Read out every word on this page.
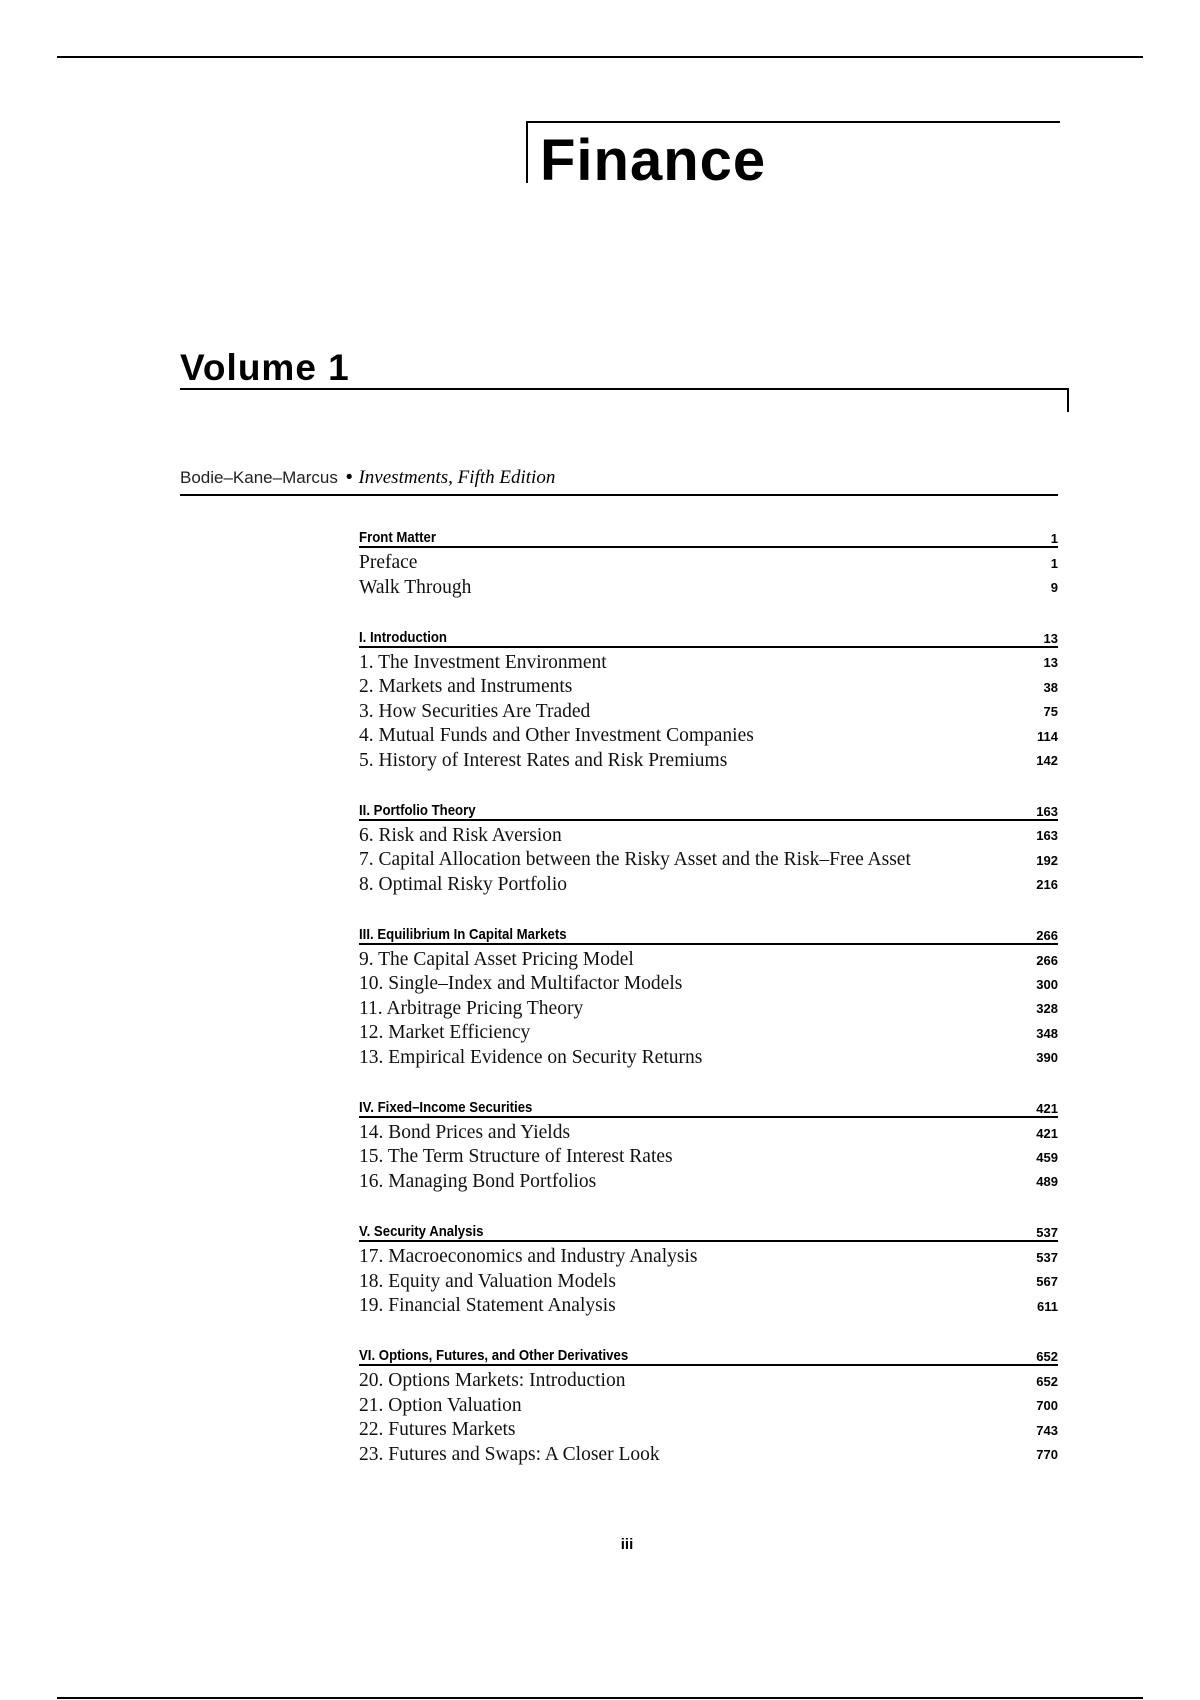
Finance
Volume 1
Bodie–Kane–Marcus • Investments, Fifth Edition
Front Matter	1
Preface	1
Walk Through	9
I. Introduction	13
1. The Investment Environment	13
2. Markets and Instruments	38
3. How Securities Are Traded	75
4. Mutual Funds and Other Investment Companies	114
5. History of Interest Rates and Risk Premiums	142
II. Portfolio Theory	163
6. Risk and Risk Aversion	163
7. Capital Allocation between the Risky Asset and the Risk–Free Asset	192
8. Optimal Risky Portfolio	216
III. Equilibrium In Capital Markets	266
9. The Capital Asset Pricing Model	266
10. Single–Index and Multifactor Models	300
11. Arbitrage Pricing Theory	328
12. Market Efficiency	348
13. Empirical Evidence on Security Returns	390
IV. Fixed–Income Securities	421
14. Bond Prices and Yields	421
15. The Term Structure of Interest Rates	459
16. Managing Bond Portfolios	489
V. Security Analysis	537
17. Macroeconomics and Industry Analysis	537
18. Equity and Valuation Models	567
19. Financial Statement Analysis	611
VI. Options, Futures, and Other Derivatives	652
20. Options Markets: Introduction	652
21. Option Valuation	700
22. Futures Markets	743
23. Futures and Swaps: A Closer Look	770
iii
